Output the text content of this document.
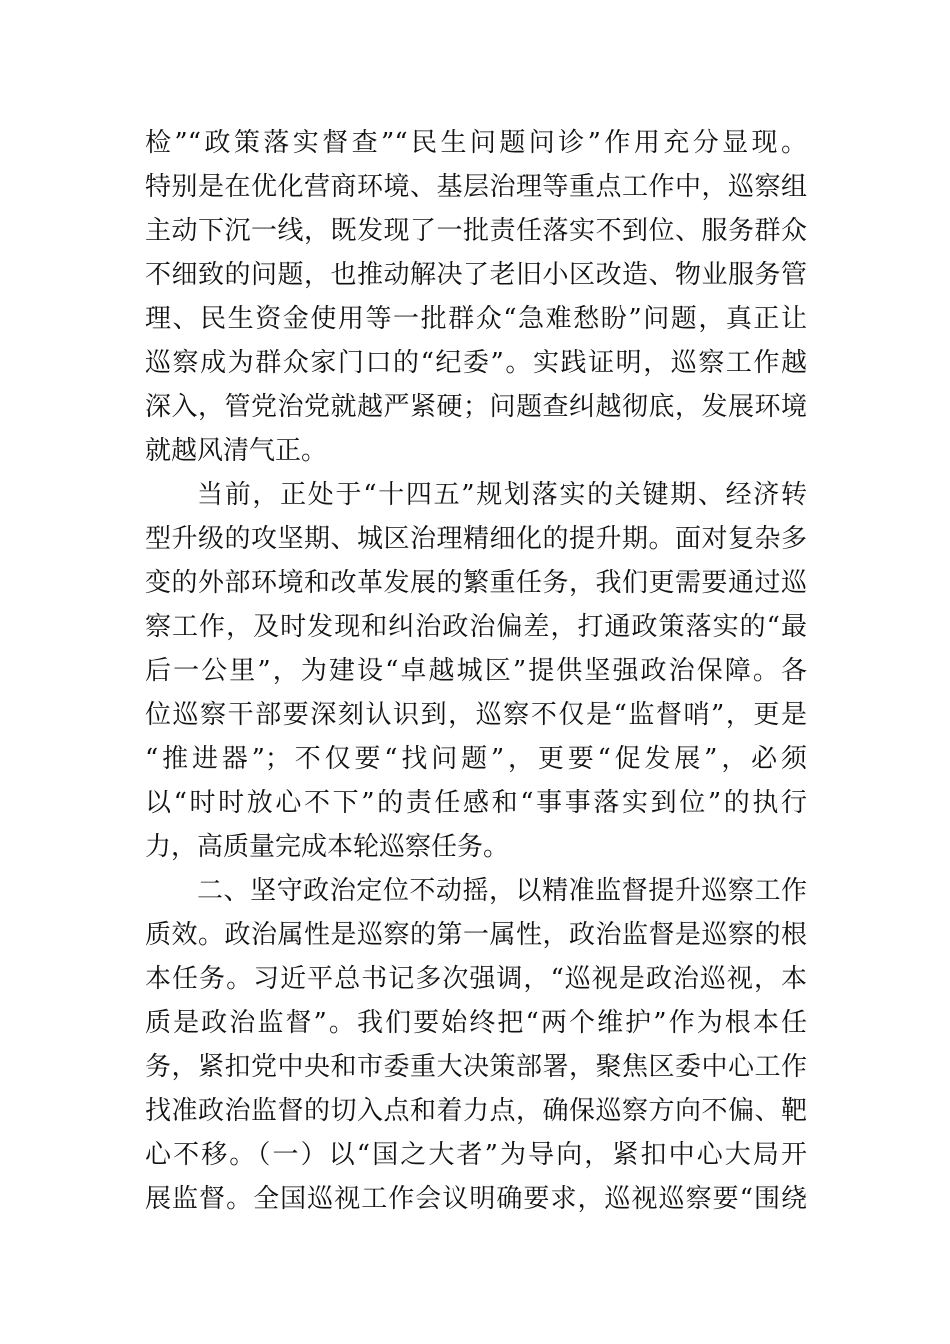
检”“政策落实督查”“民生问题问诊”作用充分显现。
特别是在优化营商环境、基层治理等重点工作中，巡察组
主动下沉一线，既发现了一批责任落实不到位、服务群众
不细致的问题，也推动解决了老旧小区改造、物业服务管
理、民生资金使用等一批群众“急难愁盼”问题，真正让
巡察成为群众家门口的“纪委”。实践证明，巡察工作越
深入，管党治党就越严紧硬；问题查纠越彻底，发展环境
就越风清气正。
当前，正处于“十四五”规划落实的关键期、经济转
型升级的攻坚期、城区治理精细化的提升期。面对复杂多
变的外部环境和改革发展的繁重任务，我们更需要通过巡
察工作，及时发现和纠治政治偏差，打通政策落实的“最
后一公里”，为建设“卓越城区”提供坚强政治保障。各
位巡察干部要深刻认识到，巡察不仅是“监督哨”，更是
“推进器”；不仅要“找问题”，更要“促发展”，必须
以“时时放心不下”的责任感和“事事落实到位”的执行
力，高质量完成本轮巡察任务。
二、坚守政治定位不动摇，以精准监督提升巡察工作
质效。政治属性是巡察的第一属性，政治监督是巡察的根
本任务。习近平总书记多次强调，“巡视是政治巡视，本
质是政治监督”。我们要始终把“两个维护”作为根本任
务，紧扣党中央和市委重大决策部署，聚焦区委中心工作
找准政治监督的切入点和着力点，确保巡察方向不偏、靶
心不移。（一）以“国之大者”为导向，紧扣中心大局开
展监督。全国巡视工作会议明确要求，巡视巡察要“围绕
